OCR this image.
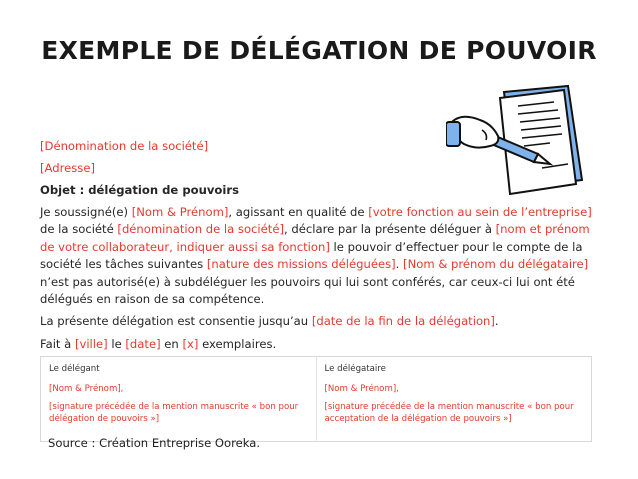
EXEMPLE DE DÉLÉGATION DE POUVOIR

[Dénomination de la société]

[Adresse]

Objet : délégation de pouvoirs

Je soussigné(e) [Nom & Prénom], agissant en qualité de [votre fonction au sein de l’entreprise] de la société [dénomination de la société], déclare par la présente déléguer à [nom et prénom de votre collaborateur, indiquer aussi sa fonction] le pouvoir d’effectuer pour le compte de la société les tâches suivantes [nature des missions déléguées]. [Nom & prénom du délégataire] n’est pas autorisé(e) à subdéléguer les pouvoirs qui lui sont conférés, car ceux-ci lui ont été délégués en raison de sa compétence.

La présente délégation est consentie jusqu’au [date de la fin de la délégation].

Fait à [ville] le [date] en [x] exemplaires.

Le délégant
[Nom & Prénom],
[signature précédée de la mention manuscrite « bon pour délégation de pouvoirs »]

Le délégataire
[Nom & Prénom],
[signature précédée de la mention manuscrite « bon pour acceptation de la délégation de pouvoirs »]
Source : Création Entreprise Ooreka.
